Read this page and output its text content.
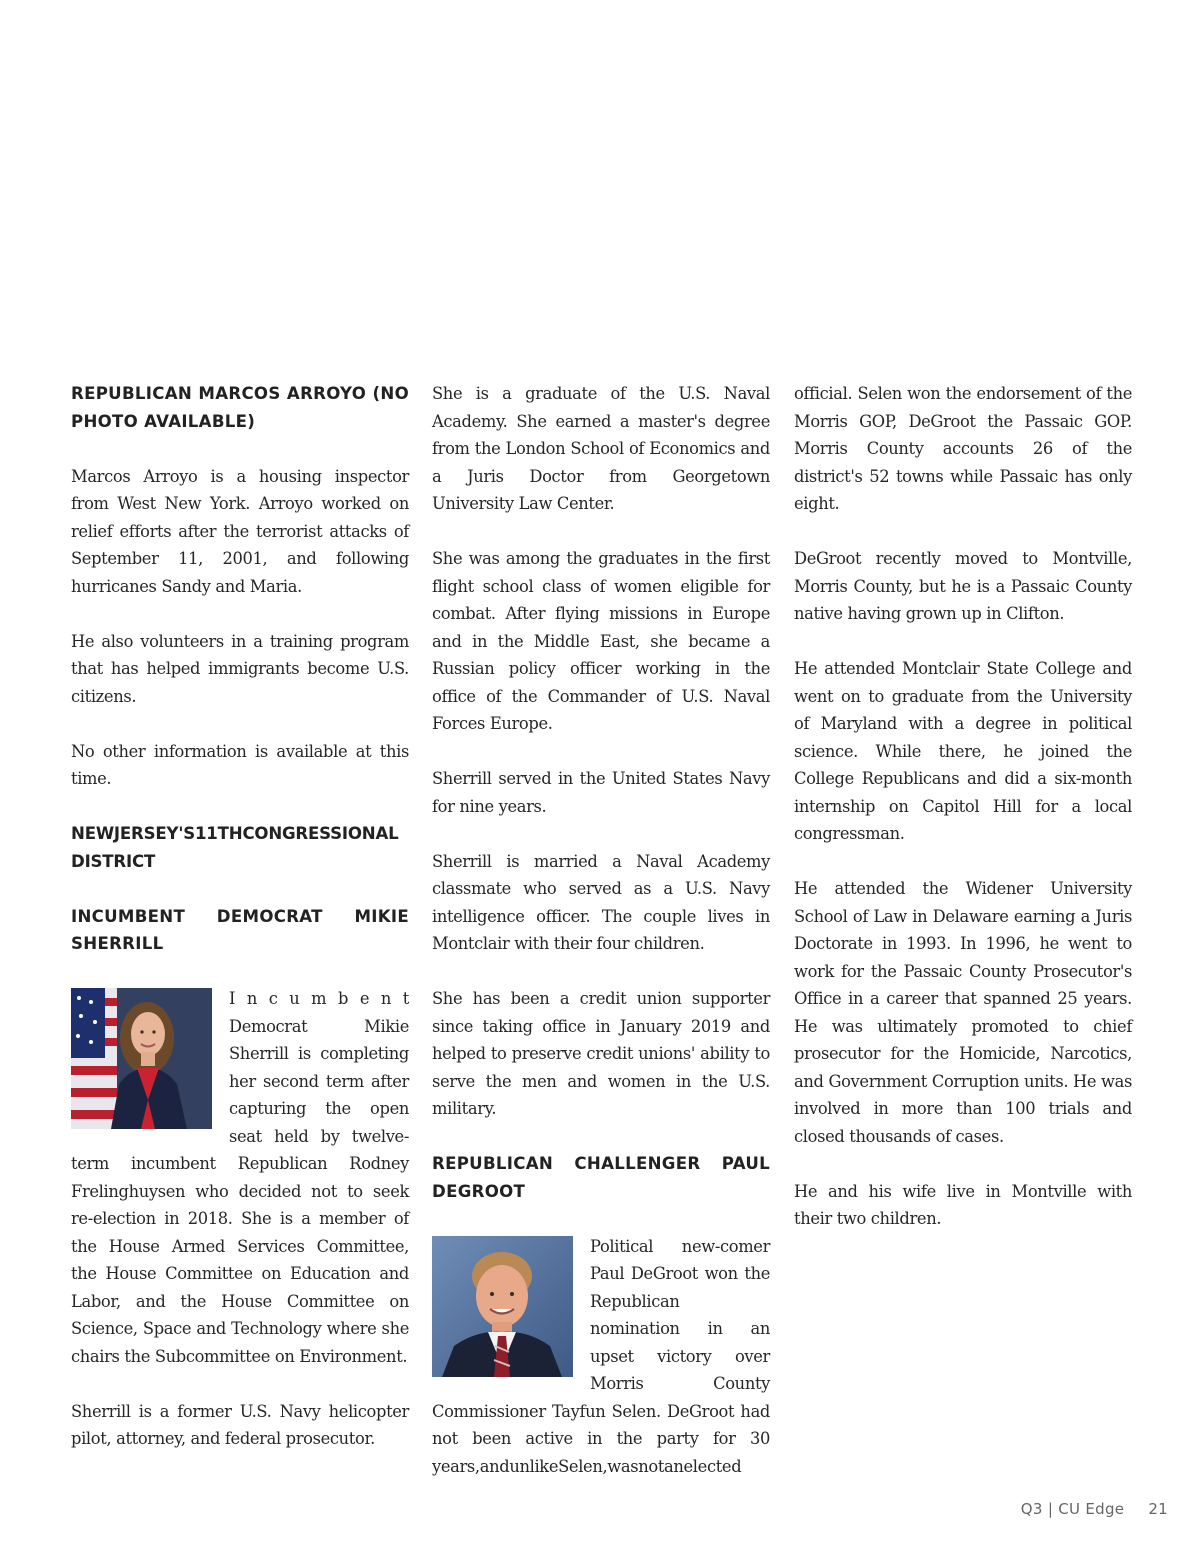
REPUBLICAN MARCOS ARROYO (NO PHOTO AVAILABLE)
Marcos Arroyo is a housing inspector from West New York. Arroyo worked on relief efforts after the terrorist attacks of September 11, 2001, and following hurricanes Sandy and Maria.
He also volunteers in a training program that has helped immigrants become U.S. citizens.
No other information is available at this time.
NEWJERSEY'S11THCONGRESSIONAL DISTRICT
INCUMBENT DEMOCRAT MIKIE SHERRILL
I n c u m b e n t Democrat Mikie Sherrill is completing her second term after capturing the open seat held by twelve-term incumbent Republican Rodney Frelinghuysen who decided not to seek re-election in 2018. She is a member of the House Armed Services Committee, the House Committee on Education and Labor, and the House Committee on Science, Space and Technology where she chairs the Subcommittee on Environment.
Sherrill is a former U.S. Navy helicopter pilot, attorney, and federal prosecutor.
She is a graduate of the U.S. Naval Academy. She earned a master's degree from the London School of Economics and a Juris Doctor from Georgetown University Law Center.
She was among the graduates in the first flight school class of women eligible for combat. After flying missions in Europe and in the Middle East, she became a Russian policy officer working in the office of the Commander of U.S. Naval Forces Europe.
Sherrill served in the United States Navy for nine years.
Sherrill is married a Naval Academy classmate who served as a U.S. Navy intelligence officer. The couple lives in Montclair with their four children.
She has been a credit union supporter since taking office in January 2019 and helped to preserve credit unions' ability to serve the men and women in the U.S. military.
REPUBLICAN CHALLENGER PAUL DEGROOT
Political new-comer Paul DeGroot won the Republican nomination in an upset victory over Morris County Commissioner Tayfun Selen. DeGroot had not been active in the party for 30 years,andunlikeSelen,wasnotanelected
official. Selen won the endorsement of the Morris GOP, DeGroot the Passaic GOP. Morris County accounts 26 of the district's 52 towns while Passaic has only eight.
DeGroot recently moved to Montville, Morris County, but he is a Passaic County native having grown up in Clifton.
He attended Montclair State College and went on to graduate from the University of Maryland with a degree in political science. While there, he joined the College Republicans and did a six-month internship on Capitol Hill for a local congressman.
He attended the Widener University School of Law in Delaware earning a Juris Doctorate in 1993. In 1996, he went to work for the Passaic County Prosecutor's Office in a career that spanned 25 years. He was ultimately promoted to chief prosecutor for the Homicide, Narcotics, and Government Corruption units. He was involved in more than 100 trials and closed thousands of cases.
He and his wife live in Montville with their two children.
Q3 | CU Edge 21
